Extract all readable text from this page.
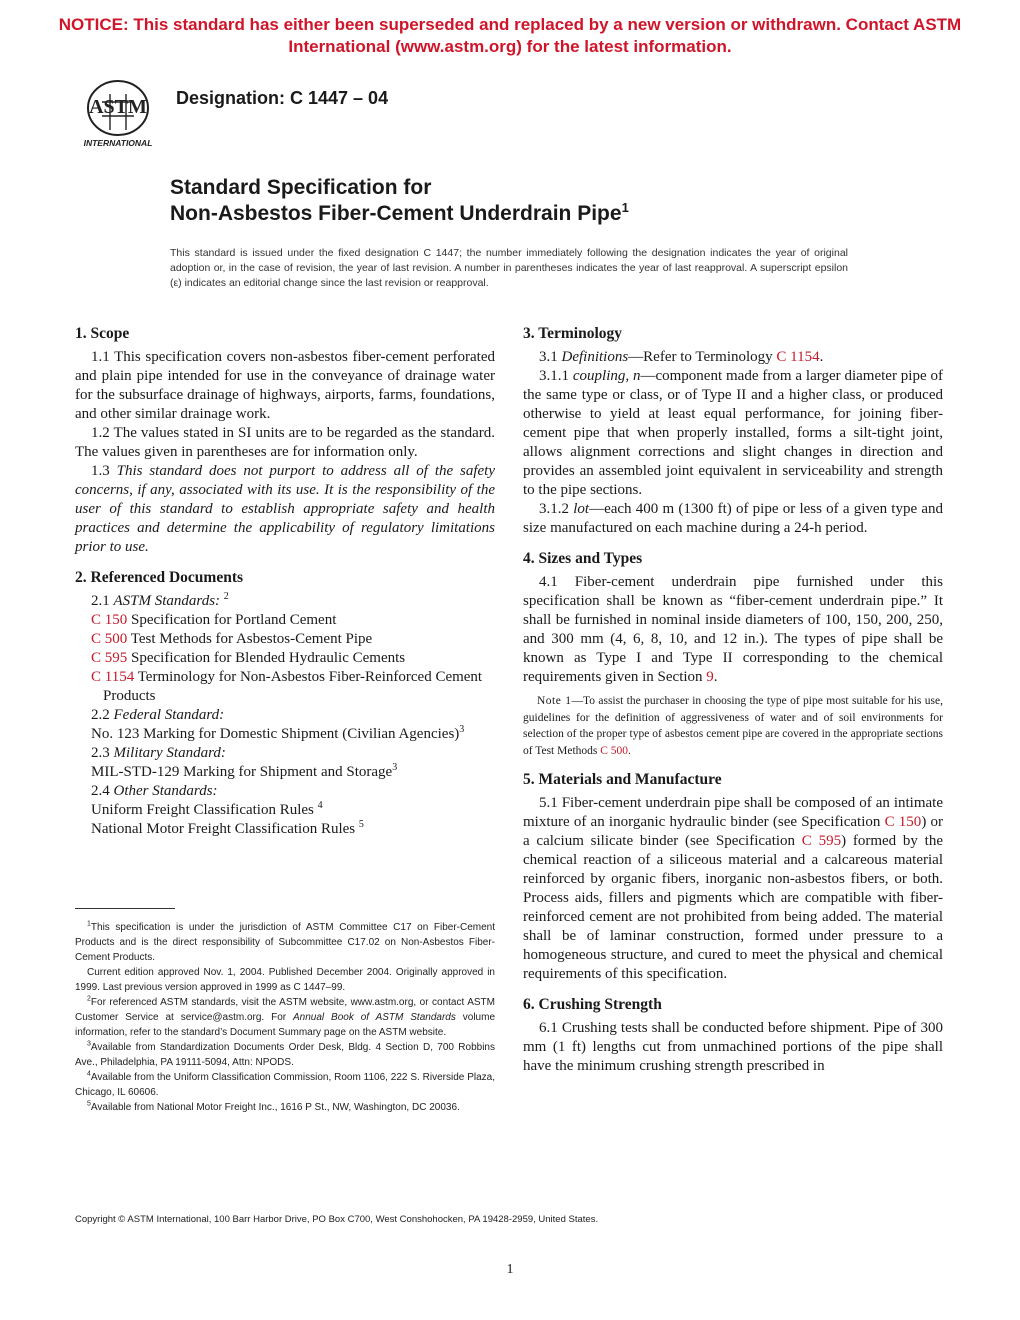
NOTICE: This standard has either been superseded and replaced by a new version or withdrawn. Contact ASTM
International (www.astm.org) for the latest information.
ASTM
INTERNATIONAL
Designation: C 1447 – 04
Standard Specification for
Non-Asbestos Fiber-Cement Underdrain Pipe$^1$
This standard is issued under the fixed designation C 1447; the number immediately following the designation indicates the year of original adoption or, in the case of revision, the year of last revision. A number in parentheses indicates the year of last reapproval. A superscript epsilon (ε) indicates an editorial change since the last revision or reapproval.
1. Scope

1.1 This specification covers non-asbestos fiber-cement perforated and plain pipe intended for use in the conveyance of drainage water for the subsurface drainage of highways, airports, farms, foundations, and other similar drainage work.

1.2 The values stated in SI units are to be regarded as the standard. The values given in parentheses are for information only.

1.3 This standard does not purport to address all of the safety concerns, if any, associated with its use. It is the responsibility of the user of this standard to establish appropriate safety and health practices and determine the applicability of regulatory limitations prior to use.

2. Referenced Documents

2.1 ASTM Standards: $^2$

C 150 Specification for Portland Cement

C 500 Test Methods for Asbestos-Cement Pipe

C 595 Specification for Blended Hydraulic Cements

C 1154 Terminology for Non-Asbestos Fiber-Reinforced Cement Products

2.2 Federal Standard:

No. 123 Marking for Domestic Shipment (Civilian Agencies)$^3$

2.3 Military Standard:

MIL-STD-129 Marking for Shipment and Storage$^3$

2.4 Other Standards:

Uniform Freight Classification Rules $^4$

National Motor Freight Classification Rules $^5$

$^1$This specification is under the jurisdiction of ASTM Committee C17 on Fiber-Cement Products and is the direct responsibility of Subcommittee C17.02 on Non-Asbestos Fiber-Cement Products.

Current edition approved Nov. 1, 2004. Published December 2004. Originally approved in 1999. Last previous version approved in 1999 as C 1447–99.

$^2$For referenced ASTM standards, visit the ASTM website, www.astm.org, or contact ASTM Customer Service at service@astm.org. For Annual Book of ASTM Standards volume information, refer to the standard’s Document Summary page on the ASTM website.

$^3$Available from Standardization Documents Order Desk, Bldg. 4 Section D, 700 Robbins Ave., Philadelphia, PA 19111-5094, Attn: NPODS.

$^4$Available from the Uniform Classification Commission, Room 1106, 222 S. Riverside Plaza, Chicago, IL 60606.

$^5$Available from National Motor Freight Inc., 1616 P St., NW, Washington, DC 20036.

3. Terminology

3.1 Definitions—Refer to Terminology C 1154.

3.1.1 coupling, n—component made from a larger diameter pipe of the same type or class, or of Type II and a higher class, or produced otherwise to yield at least equal performance, for joining fiber-cement pipe that when properly installed, forms a silt-tight joint, allows alignment corrections and slight changes in direction and provides an assembled joint equivalent in serviceability and strength to the pipe sections.

3.1.2 lot—each 400 m (1300 ft) of pipe or less of a given type and size manufactured on each machine during a 24-h period.

4. Sizes and Types

4.1 Fiber-cement underdrain pipe furnished under this specification shall be known as “fiber-cement underdrain pipe.” It shall be furnished in nominal inside diameters of 100, 150, 200, 250, and 300 mm (4, 6, 8, 10, and 12 in.). The types of pipe shall be known as Type I and Type II corresponding to the chemical requirements given in Section 9.

Note 1—To assist the purchaser in choosing the type of pipe most suitable for his use, guidelines for the definition of aggressiveness of water and of soil environments for selection of the proper type of asbestos cement pipe are covered in the appropriate sections of Test Methods C 500.

5. Materials and Manufacture

5.1 Fiber-cement underdrain pipe shall be composed of an intimate mixture of an inorganic hydraulic binder (see Specification C 150) or a calcium silicate binder (see Specification C 595) formed by the chemical reaction of a siliceous material and a calcareous material reinforced by organic fibers, inorganic non-asbestos fibers, or both. Process aids, fillers and pigments which are compatible with fiber-reinforced cement are not prohibited from being added. The material shall be of laminar construction, formed under pressure to a homogeneous structure, and cured to meet the physical and chemical requirements of this specification.

6. Crushing Strength

6.1 Crushing tests shall be conducted before shipment. Pipe of 300 mm (1 ft) lengths cut from unmachined portions of the pipe shall have the minimum crushing strength prescribed in

Copyright © ASTM International, 100 Barr Harbor Drive, PO Box C700, West Conshohocken, PA 19428-2959, United States.
1
